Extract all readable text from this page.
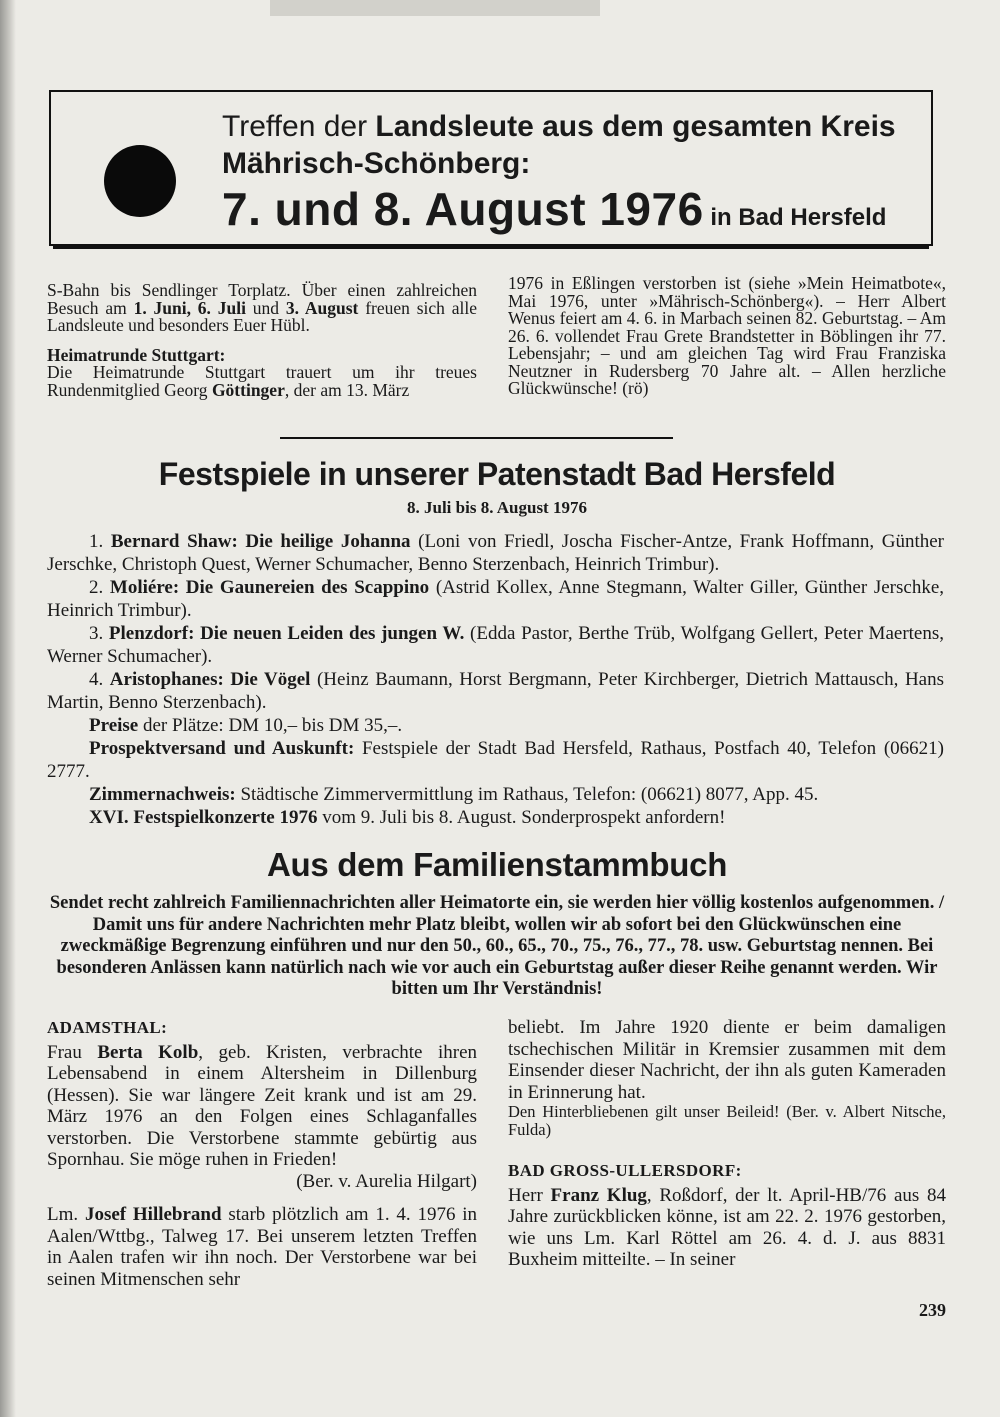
Treffen der Landsleute aus dem gesamten Kreis
Mährisch-Schönberg:
7. und 8. August 1976 in Bad Hersfeld

S-Bahn bis Sendlinger Torplatz. Über einen zahlreichen Besuch am 1. Juni, 6. Juli und 3. August freuen sich alle Landsleute und besonders Euer Hübl.

Heimatrunde Stuttgart:

Die Heimatrunde Stuttgart trauert um ihr treues Rundenmitglied Georg Göttinger, der am 13. März

1976 in Eßlingen verstorben ist (siehe »Mein Heimatbote«, Mai 1976, unter »Mährisch-Schönberg«). – Herr Albert Wenus feiert am 4. 6. in Marbach seinen 82. Geburtstag. – Am 26. 6. vollendet Frau Grete Brandstetter in Böblingen ihr 77. Lebensjahr; – und am gleichen Tag wird Frau Franziska Neutzner in Rudersberg 70 Jahre alt. – Allen herzliche Glückwünsche! (rö)

Festspiele in unserer Patenstadt Bad Hersfeld
8. Juli bis 8. August 1976

1. Bernard Shaw: Die heilige Johanna (Loni von Friedl, Joscha Fischer-Antze, Frank Hoffmann, Günther Jerschke, Christoph Quest, Werner Schumacher, Benno Sterzenbach, Heinrich Trimbur).

2. Moliére: Die Gaunereien des Scappino (Astrid Kollex, Anne Stegmann, Walter Giller, Günther Jerschke, Heinrich Trimbur).

3. Plenzdorf: Die neuen Leiden des jungen W. (Edda Pastor, Berthe Trüb, Wolfgang Gellert, Peter Maertens, Werner Schumacher).

4. Aristophanes: Die Vögel (Heinz Baumann, Horst Bergmann, Peter Kirchberger, Dietrich Mattausch, Hans Martin, Benno Sterzenbach).

Preise der Plätze: DM 10,– bis DM 35,–.

Prospektversand und Auskunft: Festspiele der Stadt Bad Hersfeld, Rathaus, Postfach 40, Telefon (06621) 2777.

Zimmernachweis: Städtische Zimmervermittlung im Rathaus, Telefon: (06621) 8077, App. 45.

XVI. Festspielkonzerte 1976 vom 9. Juli bis 8. August. Sonderprospekt anfordern!

Aus dem Familienstammbuch
Sendet recht zahlreich Familiennachrichten aller Heimatorte ein, sie werden hier völlig kostenlos aufgenommen. / Damit uns für andere Nachrichten mehr Platz bleibt, wollen wir ab sofort bei den Glückwünschen eine zweckmäßige Begrenzung einführen und nur den 50., 60., 65., 70., 75., 76., 77., 78. usw. Geburtstag nennen. Bei besonderen Anlässen kann natürlich nach wie vor auch ein Geburtstag außer dieser Reihe genannt werden. Wir bitten um Ihr Verständnis!

ADAMSTHAL:

Frau Berta Kolb, geb. Kristen, verbrachte ihren Lebensabend in einem Altersheim in Dillenburg (Hessen). Sie war längere Zeit krank und ist am 29. März 1976 an den Folgen eines Schlaganfalles verstorben. Die Verstorbene stammte gebürtig aus Spornhau. Sie möge ruhen in Frieden!

(Ber. v. Aurelia Hilgart)

Lm. Josef Hillebrand starb plötzlich am 1. 4. 1976 in Aalen/Wttbg., Talweg 17. Bei unserem letzten Treffen in Aalen trafen wir ihn noch. Der Verstorbene war bei seinen Mitmenschen sehr

beliebt. Im Jahre 1920 diente er beim damaligen tschechischen Militär in Kremsier zusammen mit dem Einsender dieser Nachricht, der ihn als guten Kameraden in Erinnerung hat.

Den Hinterbliebenen gilt unser Beileid! (Ber. v. Albert Nitsche, Fulda)

BAD GROSS-ULLERSDORF:

Herr Franz Klug, Roßdorf, der lt. April-HB/76 aus 84 Jahre zurückblicken könne, ist am 22. 2. 1976 gestorben, wie uns Lm. Karl Röttel am 26. 4. d. J. aus 8831 Buxheim mitteilte. – In seiner

239
